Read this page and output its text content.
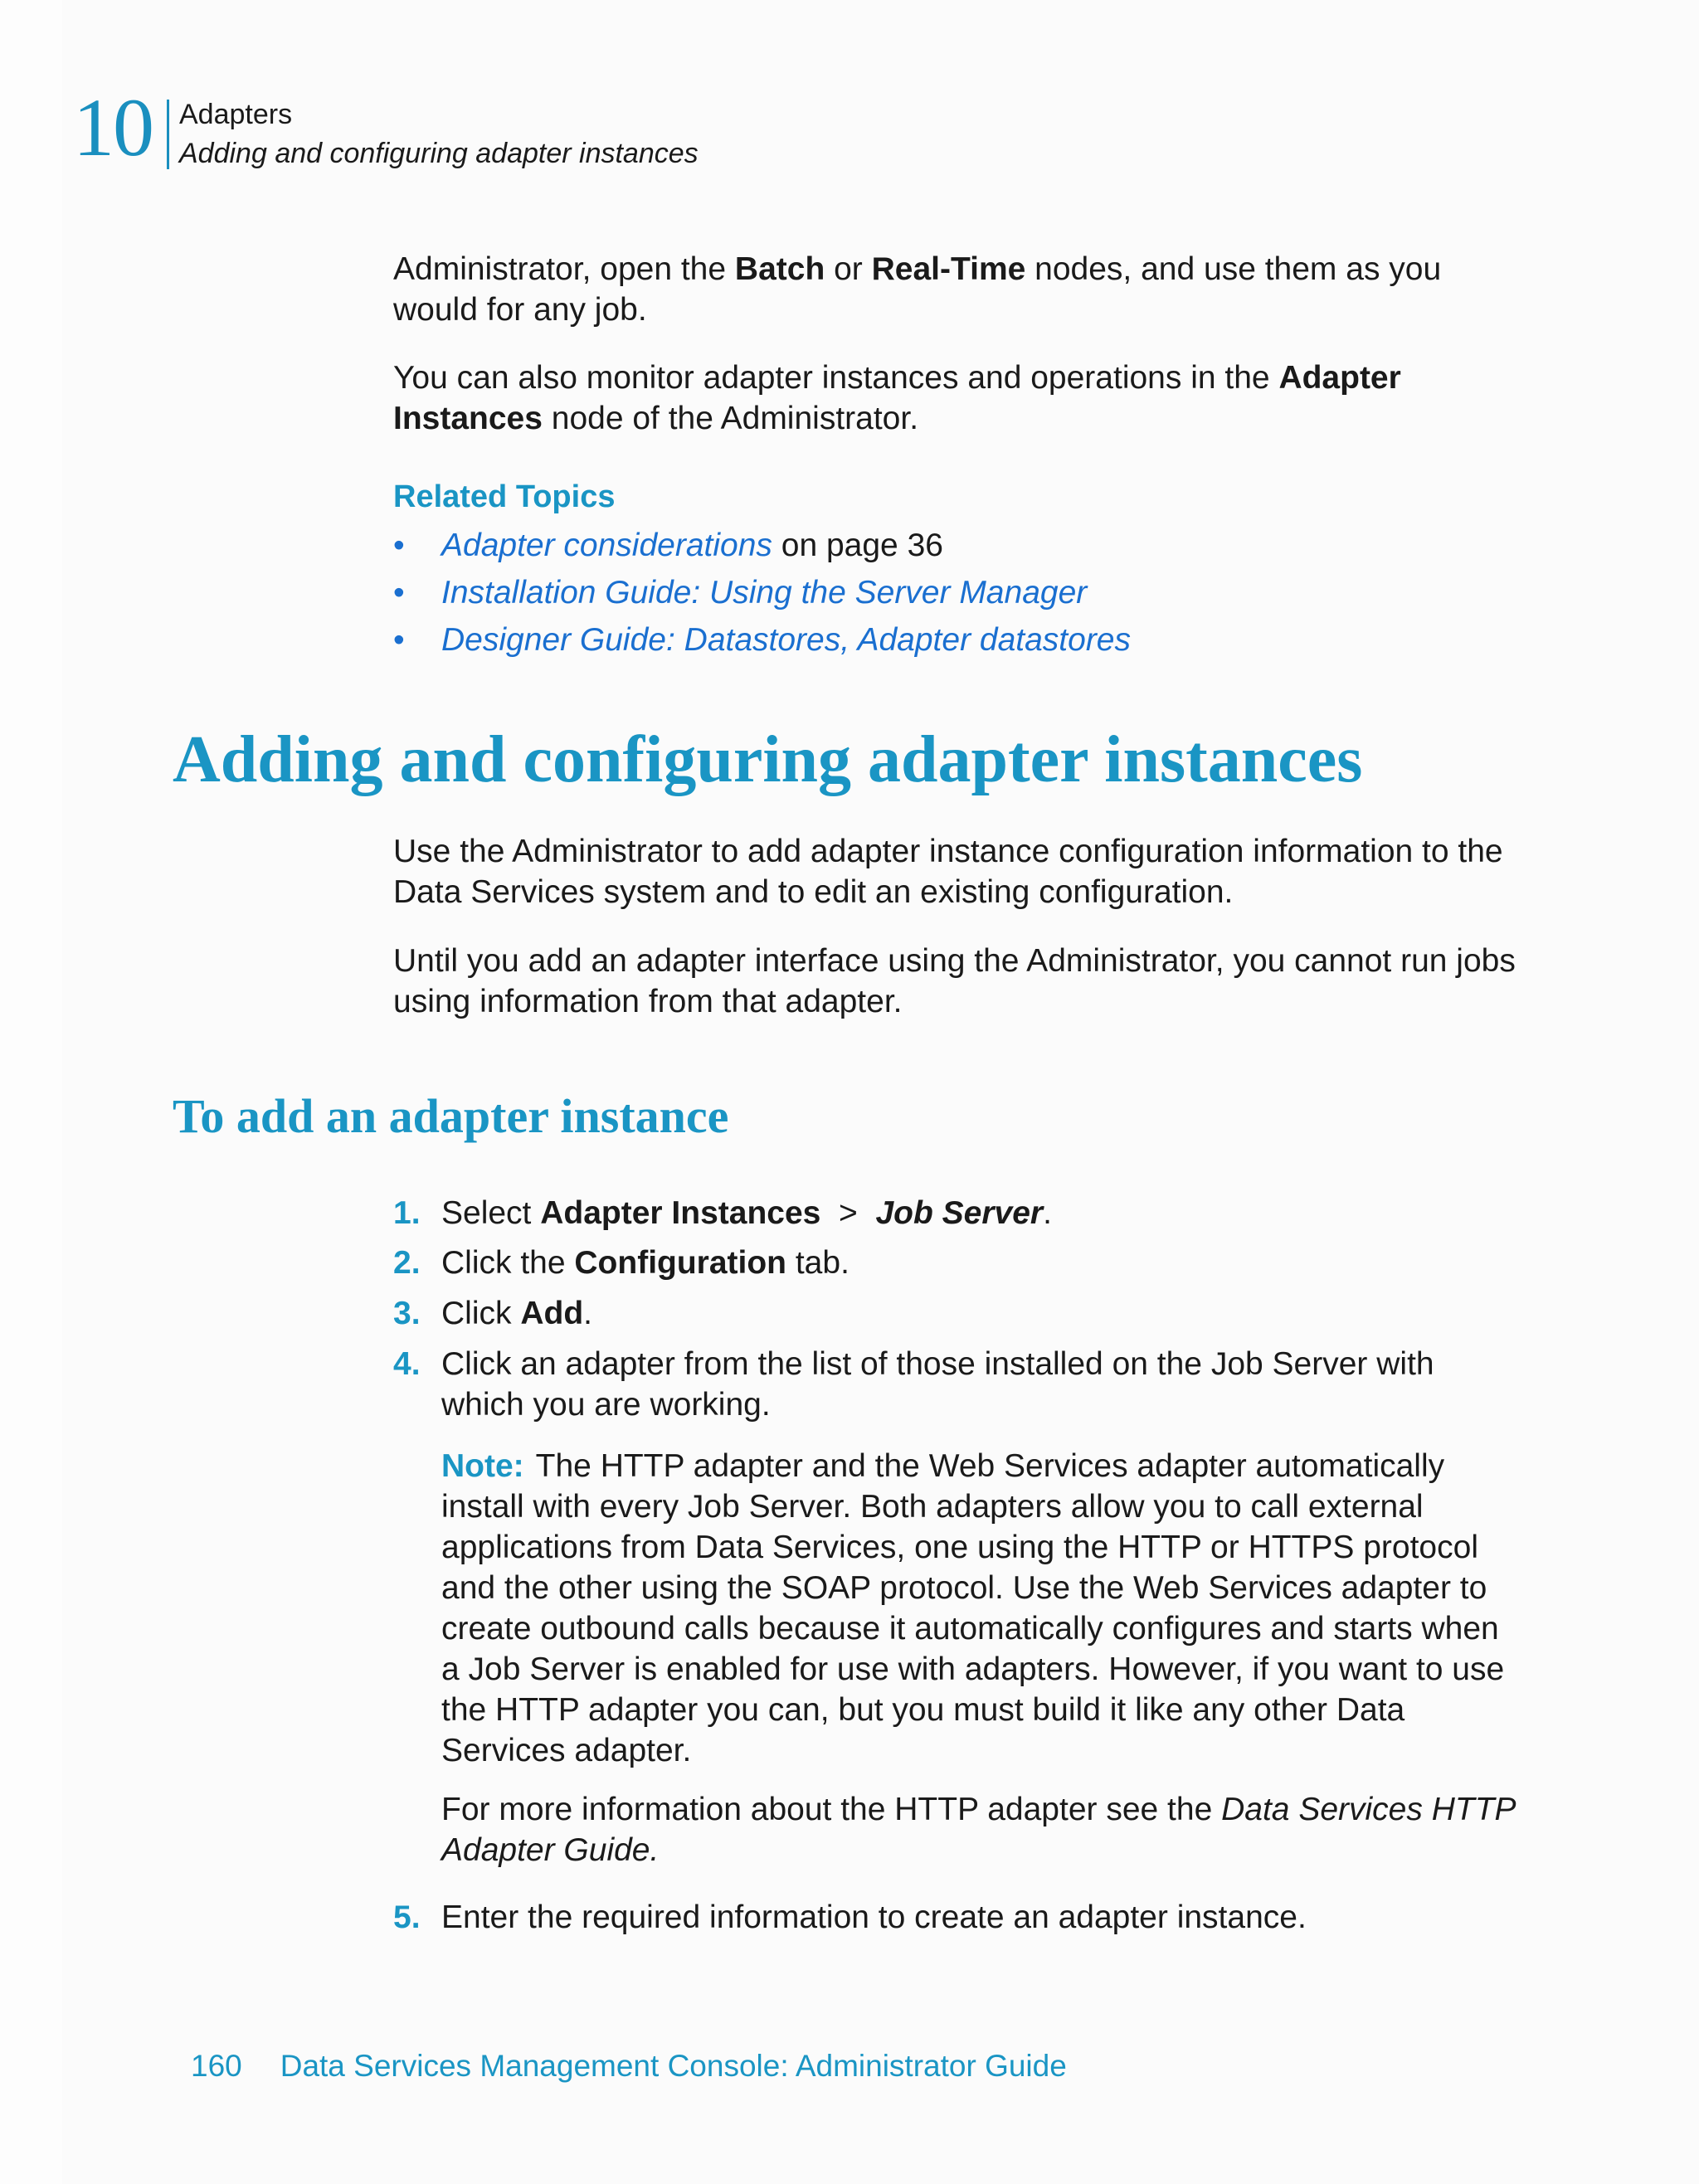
10 Adapters
Adding and configuring adapter instances
Administrator, open the Batch or Real-Time nodes, and use them as you would for any job.
You can also monitor adapter instances and operations in the Adapter Instances node of the Administrator.
Related Topics
• Adapter considerations on page 36
• Installation Guide: Using the Server Manager
• Designer Guide: Datastores, Adapter datastores
Adding and configuring adapter instances
Use the Administrator to add adapter instance configuration information to the Data Services system and to edit an existing configuration.
Until you add an adapter interface using the Administrator, you cannot run jobs using information from that adapter.
To add an adapter instance
1. Select Adapter Instances  >  Job Server.
2. Click the Configuration tab.
3. Click Add.
4. Click an adapter from the list of those installed on the Job Server with which you are working.
Note: The HTTP adapter and the Web Services adapter automatically install with every Job Server. Both adapters allow you to call external applications from Data Services, one using the HTTP or HTTPS protocol and the other using the SOAP protocol. Use the Web Services adapter to create outbound calls because it automatically configures and starts when a Job Server is enabled for use with adapters. However, if you want to use the HTTP adapter you can, but you must build it like any other Data Services adapter.
For more information about the HTTP adapter see the Data Services HTTP Adapter Guide.
5. Enter the required information to create an adapter instance.
160 Data Services Management Console: Administrator Guide
